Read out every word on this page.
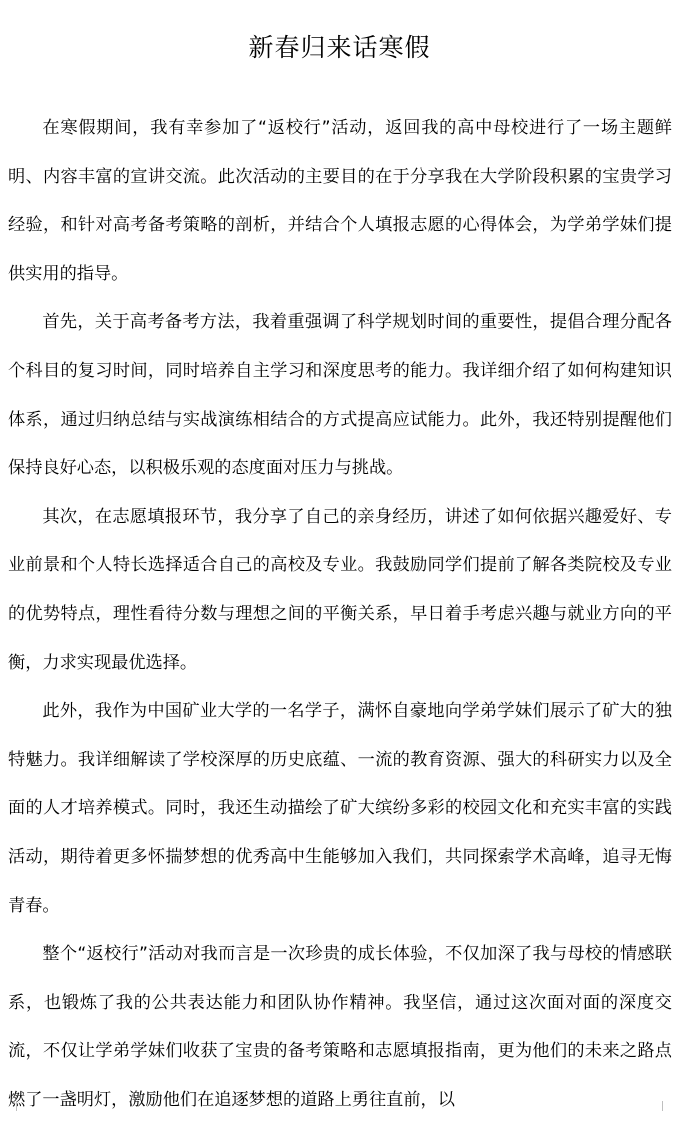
新春归来话寒假

在寒假期间，我有幸参加了“返校行”活动，返回我的高中母校进行了一场主题鲜明、内容丰富的宣讲交流。此次活动的主要目的在于分享我在大学阶段积累的宝贵学习经验，和针对高考备考策略的剖析，并结合个人填报志愿的心得体会，为学弟学妹们提供实用的指导。

首先，关于高考备考方法，我着重强调了科学规划时间的重要性，提倡合理分配各个科目的复习时间，同时培养自主学习和深度思考的能力。我详细介绍了如何构建知识体系，通过归纳总结与实战演练相结合的方式提高应试能力。此外，我还特别提醒他们保持良好心态，以积极乐观的态度面对压力与挑战。

其次，在志愿填报环节，我分享了自己的亲身经历，讲述了如何依据兴趣爱好、专业前景和个人特长选择适合自己的高校及专业。我鼓励同学们提前了解各类院校及专业的优势特点，理性看待分数与理想之间的平衡关系，早日着手考虑兴趣与就业方向的平衡，力求实现最优选择。

此外，我作为中国矿业大学的一名学子，满怀自豪地向学弟学妹们展示了矿大的独特魅力。我详细解读了学校深厚的历史底蕴、一流的教育资源、强大的科研实力以及全面的人才培养模式。同时，我还生动描绘了矿大缤纷多彩的校园文化和充实丰富的实践活动，期待着更多怀揣梦想的优秀高中生能够加入我们，共同探索学术高峰，追寻无悔青春。

整个“返校行”活动对我而言是一次珍贵的成长体验，不仅加深了我与母校的情感联系，也锻炼了我的公共表达能力和团队协作精神。我坚信，通过这次面对面的深度交流，不仅让学弟学妹们收获了宝贵的备考策略和志愿填报指南，更为他们的未来之路点燃了一盏明灯，激励他们在追逐梦想的道路上勇往直前，以
